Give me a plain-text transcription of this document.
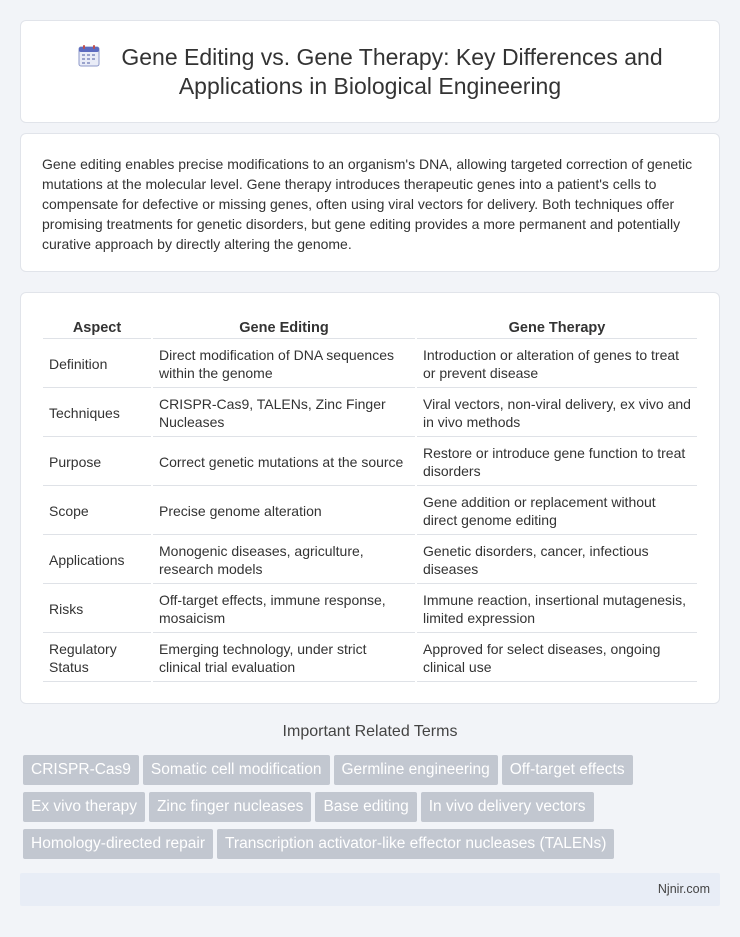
Gene Editing vs. Gene Therapy: Key Differences and
Applications in Biological Engineering

Gene editing enables precise modifications to an organism's DNA, allowing targeted correction of genetic mutations at the molecular level. Gene therapy introduces therapeutic genes into a patient's cells to compensate for defective or missing genes, often using viral vectors for delivery. Both techniques offer promising treatments for genetic disorders, but gene editing provides a more permanent and potentially curative approach by directly altering the genome.

Aspect	Gene Editing	Gene Therapy
Definition	Direct modification of DNA sequences within the genome	Introduction or alteration of genes to treat or prevent disease
Techniques	CRISPR-Cas9, TALENs, Zinc Finger Nucleases	Viral vectors, non-viral delivery, ex vivo and in vivo methods
Purpose	Correct genetic mutations at the source	Restore or introduce gene function to treat disorders
Scope	Precise genome alteration	Gene addition or replacement without direct genome editing
Applications	Monogenic diseases, agriculture, research models	Genetic disorders, cancer, infectious diseases
Risks	Off-target effects, immune response, mosaicism	Immune reaction, insertional mutagenesis, limited expression
Regulatory Status	Emerging technology, under strict clinical trial evaluation	Approved for select diseases, ongoing clinical use
Important Related Terms
CRISPR-Cas9 Somatic cell modification Germline engineering Off-target effects
Ex vivo therapy Zinc finger nucleases Base editing In vivo delivery vectors
Homology-directed repair Transcription activator-like effector nucleases (TALENs)
Njnir.com
